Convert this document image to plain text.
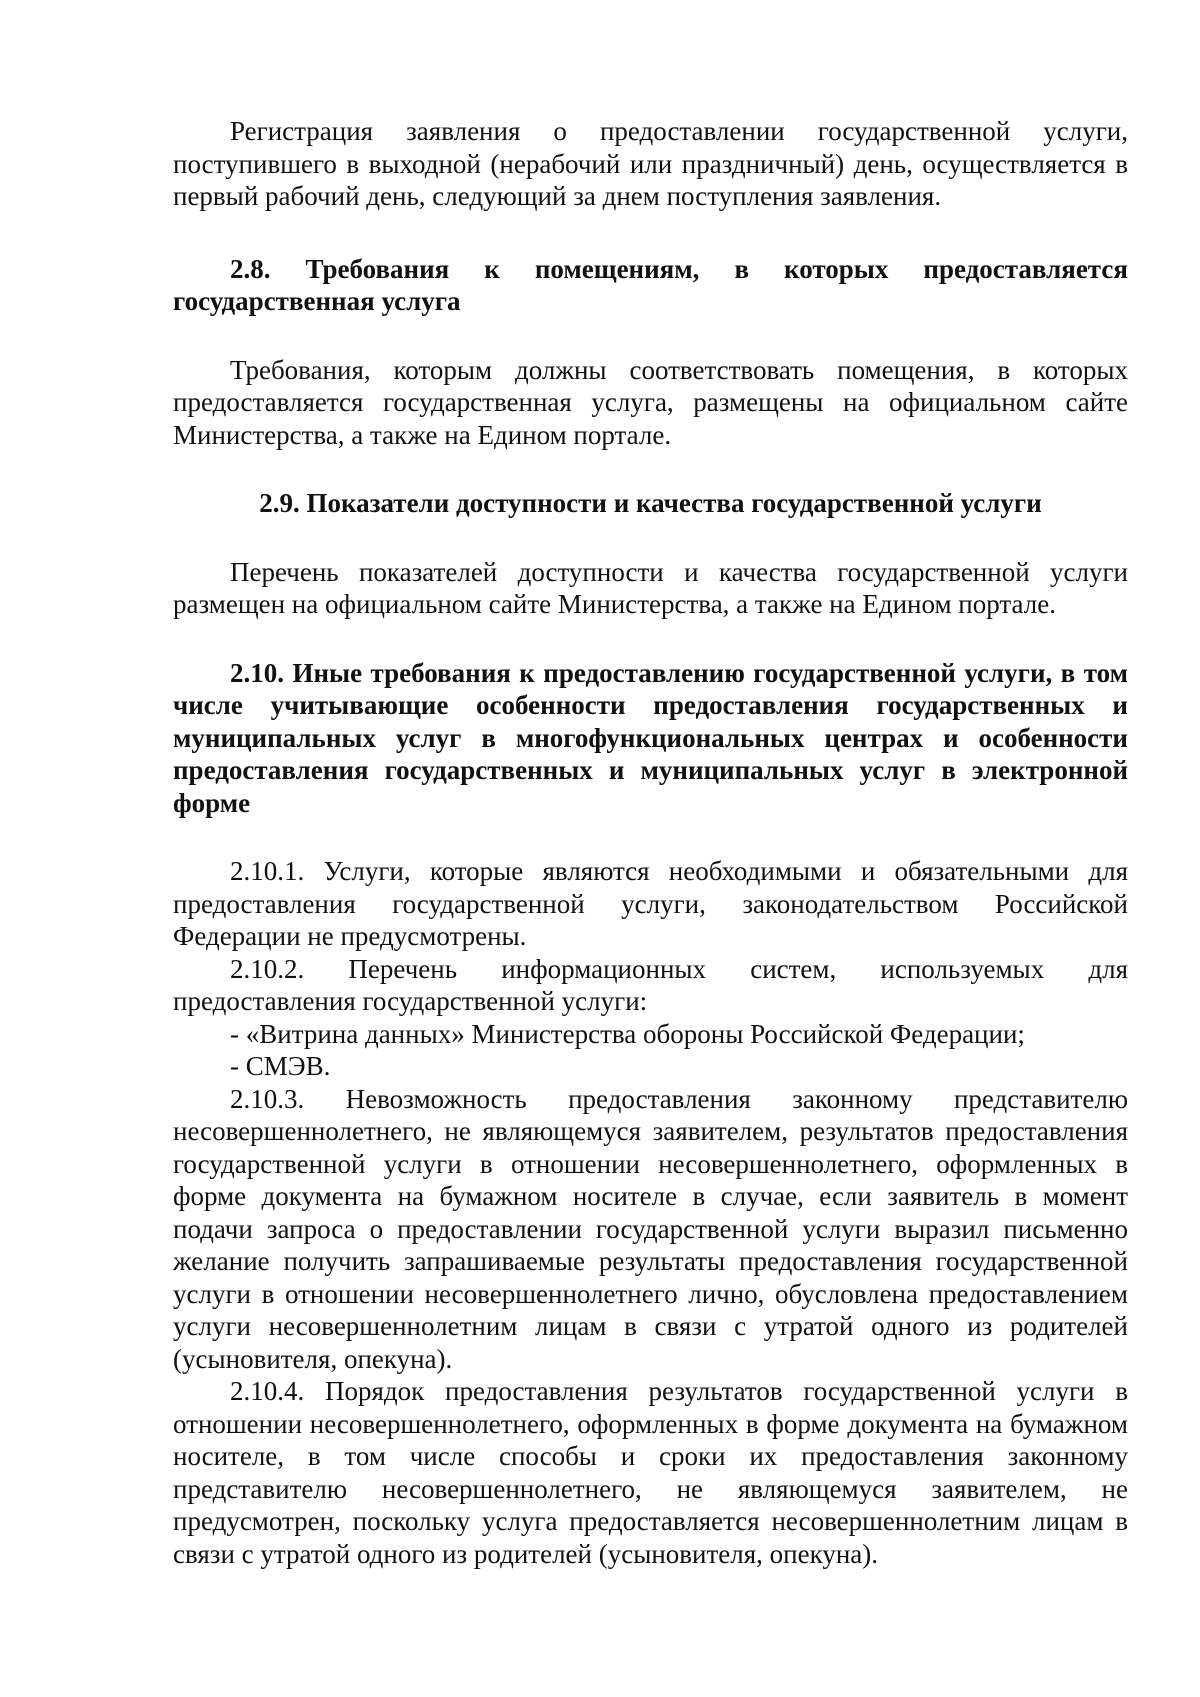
Регистрация заявления о предоставлении государственной услуги, поступившего в выходной (нерабочий или праздничный) день, осуществляется в первый рабочий день, следующий за днем поступления заявления.

2.8. Требования к помещениям, в которых предоставляется государственная услуга

Требования, которым должны соответствовать помещения, в которых предоставляется государственная услуга, размещены на официальном сайте Министерства, а также на Едином портале.

2.9. Показатели доступности и качества государственной услуги

Перечень показателей доступности и качества государственной услуги размещен на официальном сайте Министерства, а также на Едином портале.

2.10. Иные требования к предоставлению государственной услуги, в том числе учитывающие особенности предоставления государственных и муниципальных услуг в многофункциональных центрах и особенности предоставления государственных и муниципальных услуг в электронной форме

2.10.1. Услуги, которые являются необходимыми и обязательными для предоставления государственной услуги, законодательством Российской Федерации не предусмотрены.

2.10.2. Перечень информационных систем, используемых для предоставления государственной услуги:

- «Витрина данных» Министерства обороны Российской Федерации;

- СМЭВ.

2.10.3. Невозможность предоставления законному представителю несовершеннолетнего, не являющемуся заявителем, результатов предоставления государственной услуги в отношении несовершеннолетнего, оформленных в форме документа на бумажном носителе в случае, если заявитель в момент подачи запроса о предоставлении государственной услуги выразил письменно желание получить запрашиваемые результаты предоставления государственной услуги в отношении несовершеннолетнего лично, обусловлена предоставлением услуги несовершеннолетним лицам в связи с утратой одного из родителей (усыновителя, опекуна).

2.10.4. Порядок предоставления результатов государственной услуги в отношении несовершеннолетнего, оформленных в форме документа на бумажном носителе, в том числе способы и сроки их предоставления законному представителю несовершеннолетнего, не являющемуся заявителем, не предусмотрен, поскольку услуга предоставляется несовершеннолетним лицам в связи с утратой одного из родителей (усыновителя, опекуна).
